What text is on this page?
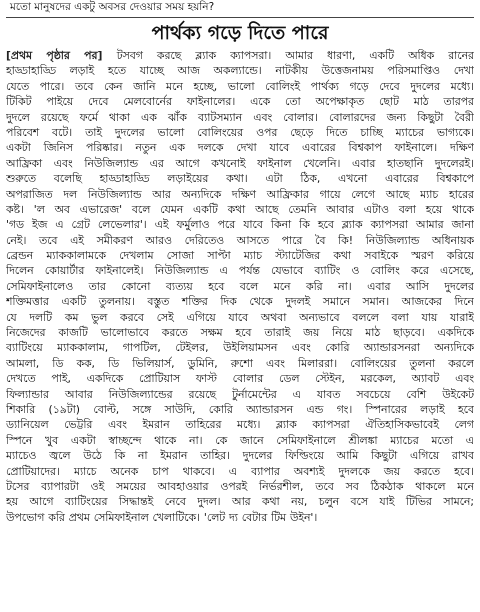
মতো মানুষদের একটু অবসর দেওয়ার সময় হয়নি?
পার্থক্য গড়ে দিতে পারে
[প্রথম পৃষ্ঠার পর] টসবগ করছে ব্ল্যাক ক্যাপসরা। আমার ধারণা, একটি অধিক রানের
হাড্ডাহাড্ডি লড়াই হতে যাচ্ছে আজ অকল্যান্ডে। নাটকীয় উত্তেজনাময় পরিসমাপ্তিও দেখা
যেতে পারে। তবে কেন জানি মনে হচ্ছে, ভালো বোলিংই পার্থক্য গড়ে দেবে দুদলের মধ্যে।
টিকিট পাইয়ে দেবে মেলবোর্নের ফাইনালের। একে তো অপেক্ষাকৃত ছোট মাঠ তারপর
দুদলে রয়েছে ফর্মে থাকা এক ঝাঁক ব্যাটসম্যান এবং বোলার। বোলারদের জন্য কিছুটা বৈরী
পরিবেশ বটে। তাই দুদলের ভালো বোলিংয়ের ওপর ছেড়ে দিতে চাচ্ছি ম্যাচের ভাগ্যকে।
একটা জিনিস পরিষ্কার। নতুন এক দলকে দেখা যাবে এবারের বিশ্বকাপ ফাইনালে। দক্ষিণ
আফ্রিকা এবং নিউজিল্যান্ড এর আগে কখনোই ফাইনাল খেলেনি। এবার হাতছানি দুদলেরই।
শুরুতে বলেছি হাড্ডাহাড্ডি লড়াইয়ের কথা। এটা ঠিক, এখনো এবারের বিশ্বকাপে
অপরাজিত দল নিউজিল্যান্ড আর অন্যদিকে দক্ষিণ আফ্রিকার গায়ে লেগে আছে ম্যাচ হারের
কষ্ট। 'ল অব এভারেজ' বলে যেমন একটি কথা আছে তেমনি আবার এটাও বলা হয়ে থাকে
'গড ইজ এ গ্রেট লেভেলার'। এই ফর্মুলাও পরে যাবে কিনা কি হবে ব্ল্যাক ক্যাপসরা আমার জানা
নেই। তবে এই সমীকরণ আরও দেরিতেও আসতে পারে বৈ কি! নিউজিল্যান্ড অধিনায়ক
ব্রেন্ডন ম্যাককালামকে দেখলাম সোজা সাপ্টা ম্যাচ স্ট্যাটেজির কথা সবাইকে স্মরণ করিয়ে
দিলেন কোয়ার্টার ফাইনালেই। নিউজিল্যান্ড এ পর্যন্ত যেভাবে ব্যাটিং ও বোলিং করে এসেছে,
সেমিফাইনালেও তার কোনো ব্যত্যয় হবে বলে মনে করি না। এবার আসি দুদলের
শক্তিমত্তার একটি তুলনায়। বস্তুত শক্তির দিক থেকে দুদলই সমানে সমান। আজকের দিনে
যে দলটি কম ভুল করবে সেই এগিয়ে যাবে অথবা অন্যভাবে বললে বলা যায় যারাই
নিজেদের কাজটি ভালোভাবে করতে সক্ষম হবে তারাই জয় নিয়ে মাঠ ছাড়বে। একদিকে
ব্যাটিংয়ে ম্যাককালাম, গাপটিল, টেইলর, উইলিয়ামসন এবং কোরি অ্যান্ডারসনরা অন্যদিকে
আমলা, ডি কক, ডি ভিলিয়ার্স, ডুমিনি, রুশো এবং মিলাররা। বোলিংয়ের তুলনা করলে
দেখতে পাই, একদিকে প্রোটিয়াস ফাস্ট বোলার ডেল স্টেইন, মরকেল, অ্যাবট এবং
ফিল্যান্ডার আবার নিউজিল্যান্ডের রয়েছে টুর্নামেন্টের এ যাবত সবচেয়ে বেশি উইকেট
শিকারি (১৯টা) বোল্ট, সঙ্গে সাউদি, কোরি অ্যান্ডারসন এন্ড গং। স্পিনারের লড়াই হবে
ড্যানিয়েল ভেট্টরি এবং ইমরান তাহিরের মধ্যে। ব্ল্যাক ক্যাপসরা ঐতিহাসিকভাবেই লেগ
স্পিনে খুব একটা স্বাচ্ছন্দে থাকে না। কে জানে সেমিফাইনালে শ্রীলঙ্কা ম্যাচের মতো এ
ম্যাচেও জ্বলে উঠে কি না ইমরান তাহির। দুদলের ফিল্ডিংয়ে আমি কিছুটা এগিয়ে রাখব
প্রোটিয়াদের। ম্যাচে অনেক চাপ থাকবে। এ ব্যাপার অবশ্যই দুদলকে জয় করতে হবে।
টসের ব্যাপারটা ওই সময়ের আবহাওয়ার ওপরই নির্ভরশীল, তবে সব ঠিকঠাক থাকলে মনে
হয় আগে ব্যাটিংয়ের সিদ্ধান্তই নেবে দুদল। আর কথা নয়, চলুন বসে যাই টিভির সামনে;
উপভোগ করি প্রথম সেমিফাইনাল খেলাটিকে। 'লেট দ্য বেটার টিম উইন'।
